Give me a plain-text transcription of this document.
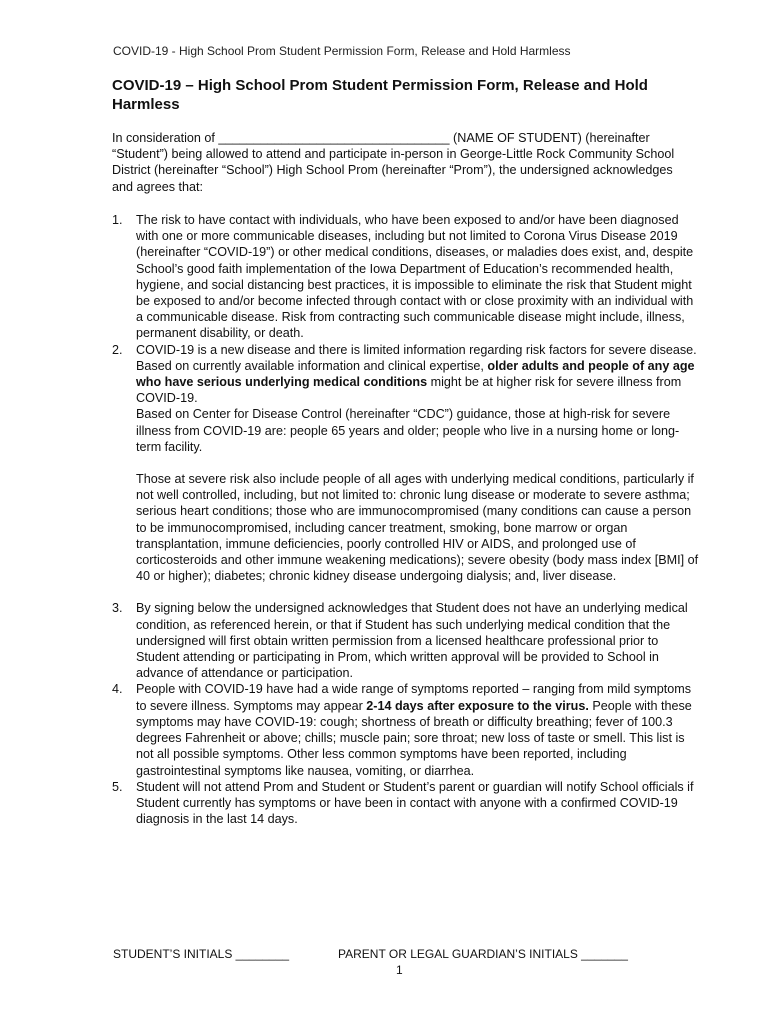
COVID-19 - High School Prom Student Permission Form, Release and Hold Harmless
COVID-19 – High School Prom Student Permission Form, Release and Hold Harmless

In consideration of _________________________________ (NAME OF STUDENT) (hereinafter “Student”) being allowed to attend and participate in-person in George-Little Rock Community School District (hereinafter “School”) High School Prom (hereinafter “Prom”), the undersigned acknowledges and agrees that:

1. The risk to have contact with individuals, who have been exposed to and/or have been diagnosed with one or more communicable diseases, including but not limited to Corona Virus Disease 2019 (hereinafter “COVID-19”) or other medical conditions, diseases, or maladies does exist, and, despite School’s good faith implementation of the Iowa Department of Education’s recommended health, hygiene, and social distancing best practices, it is impossible to eliminate the risk that Student might be exposed to and/or become infected through contact with or close proximity with an individual with a communicable disease. Risk from contracting such communicable disease might include, illness, permanent disability, or death.
2. COVID-19 is a new disease and there is limited information regarding risk factors for severe disease. Based on currently available information and clinical expertise, older adults and people of any age who have serious underlying medical conditions might be at higher risk for severe illness from COVID-19.
Based on Center for Disease Control (hereinafter “CDC”) guidance, those at high-risk for severe illness from COVID-19 are: people 65 years and older; people who live in a nursing home or long-term facility.
Those at severe risk also include people of all ages with underlying medical conditions, particularly if not well controlled, including, but not limited to: chronic lung disease or moderate to severe asthma; serious heart conditions; those who are immunocompromised (many conditions can cause a person to be immunocompromised, including cancer treatment, smoking, bone marrow or organ transplantation, immune deficiencies, poorly controlled HIV or AIDS, and prolonged use of corticosteroids and other immune weakening medications); severe obesity (body mass index [BMI] of 40 or higher); diabetes; chronic kidney disease undergoing dialysis; and, liver disease.
3. By signing below the undersigned acknowledges that Student does not have an underlying medical condition, as referenced herein, or that if Student has such underlying medical condition that the undersigned will first obtain written permission from a licensed healthcare professional prior to Student attending or participating in Prom, which written approval will be provided to School in advance of attendance or participation.
4. People with COVID-19 have had a wide range of symptoms reported – ranging from mild symptoms to severe illness. Symptoms may appear 2-14 days after exposure to the virus. People with these symptoms may have COVID-19: cough; shortness of breath or difficulty breathing; fever of 100.3 degrees Fahrenheit or above; chills; muscle pain; sore throat; new loss of taste or smell. This list is not all possible symptoms. Other less common symptoms have been reported, including gastrointestinal symptoms like nausea, vomiting, or diarrhea.
5. Student will not attend Prom and Student or Student’s parent or guardian will notify School officials if Student currently has symptoms or have been in contact with anyone with a confirmed COVID-19 diagnosis in the last 14 days.
STUDENT’S INITIALS ________	PARENT OR LEGAL GUARDIAN’S INITIALS _______
1
